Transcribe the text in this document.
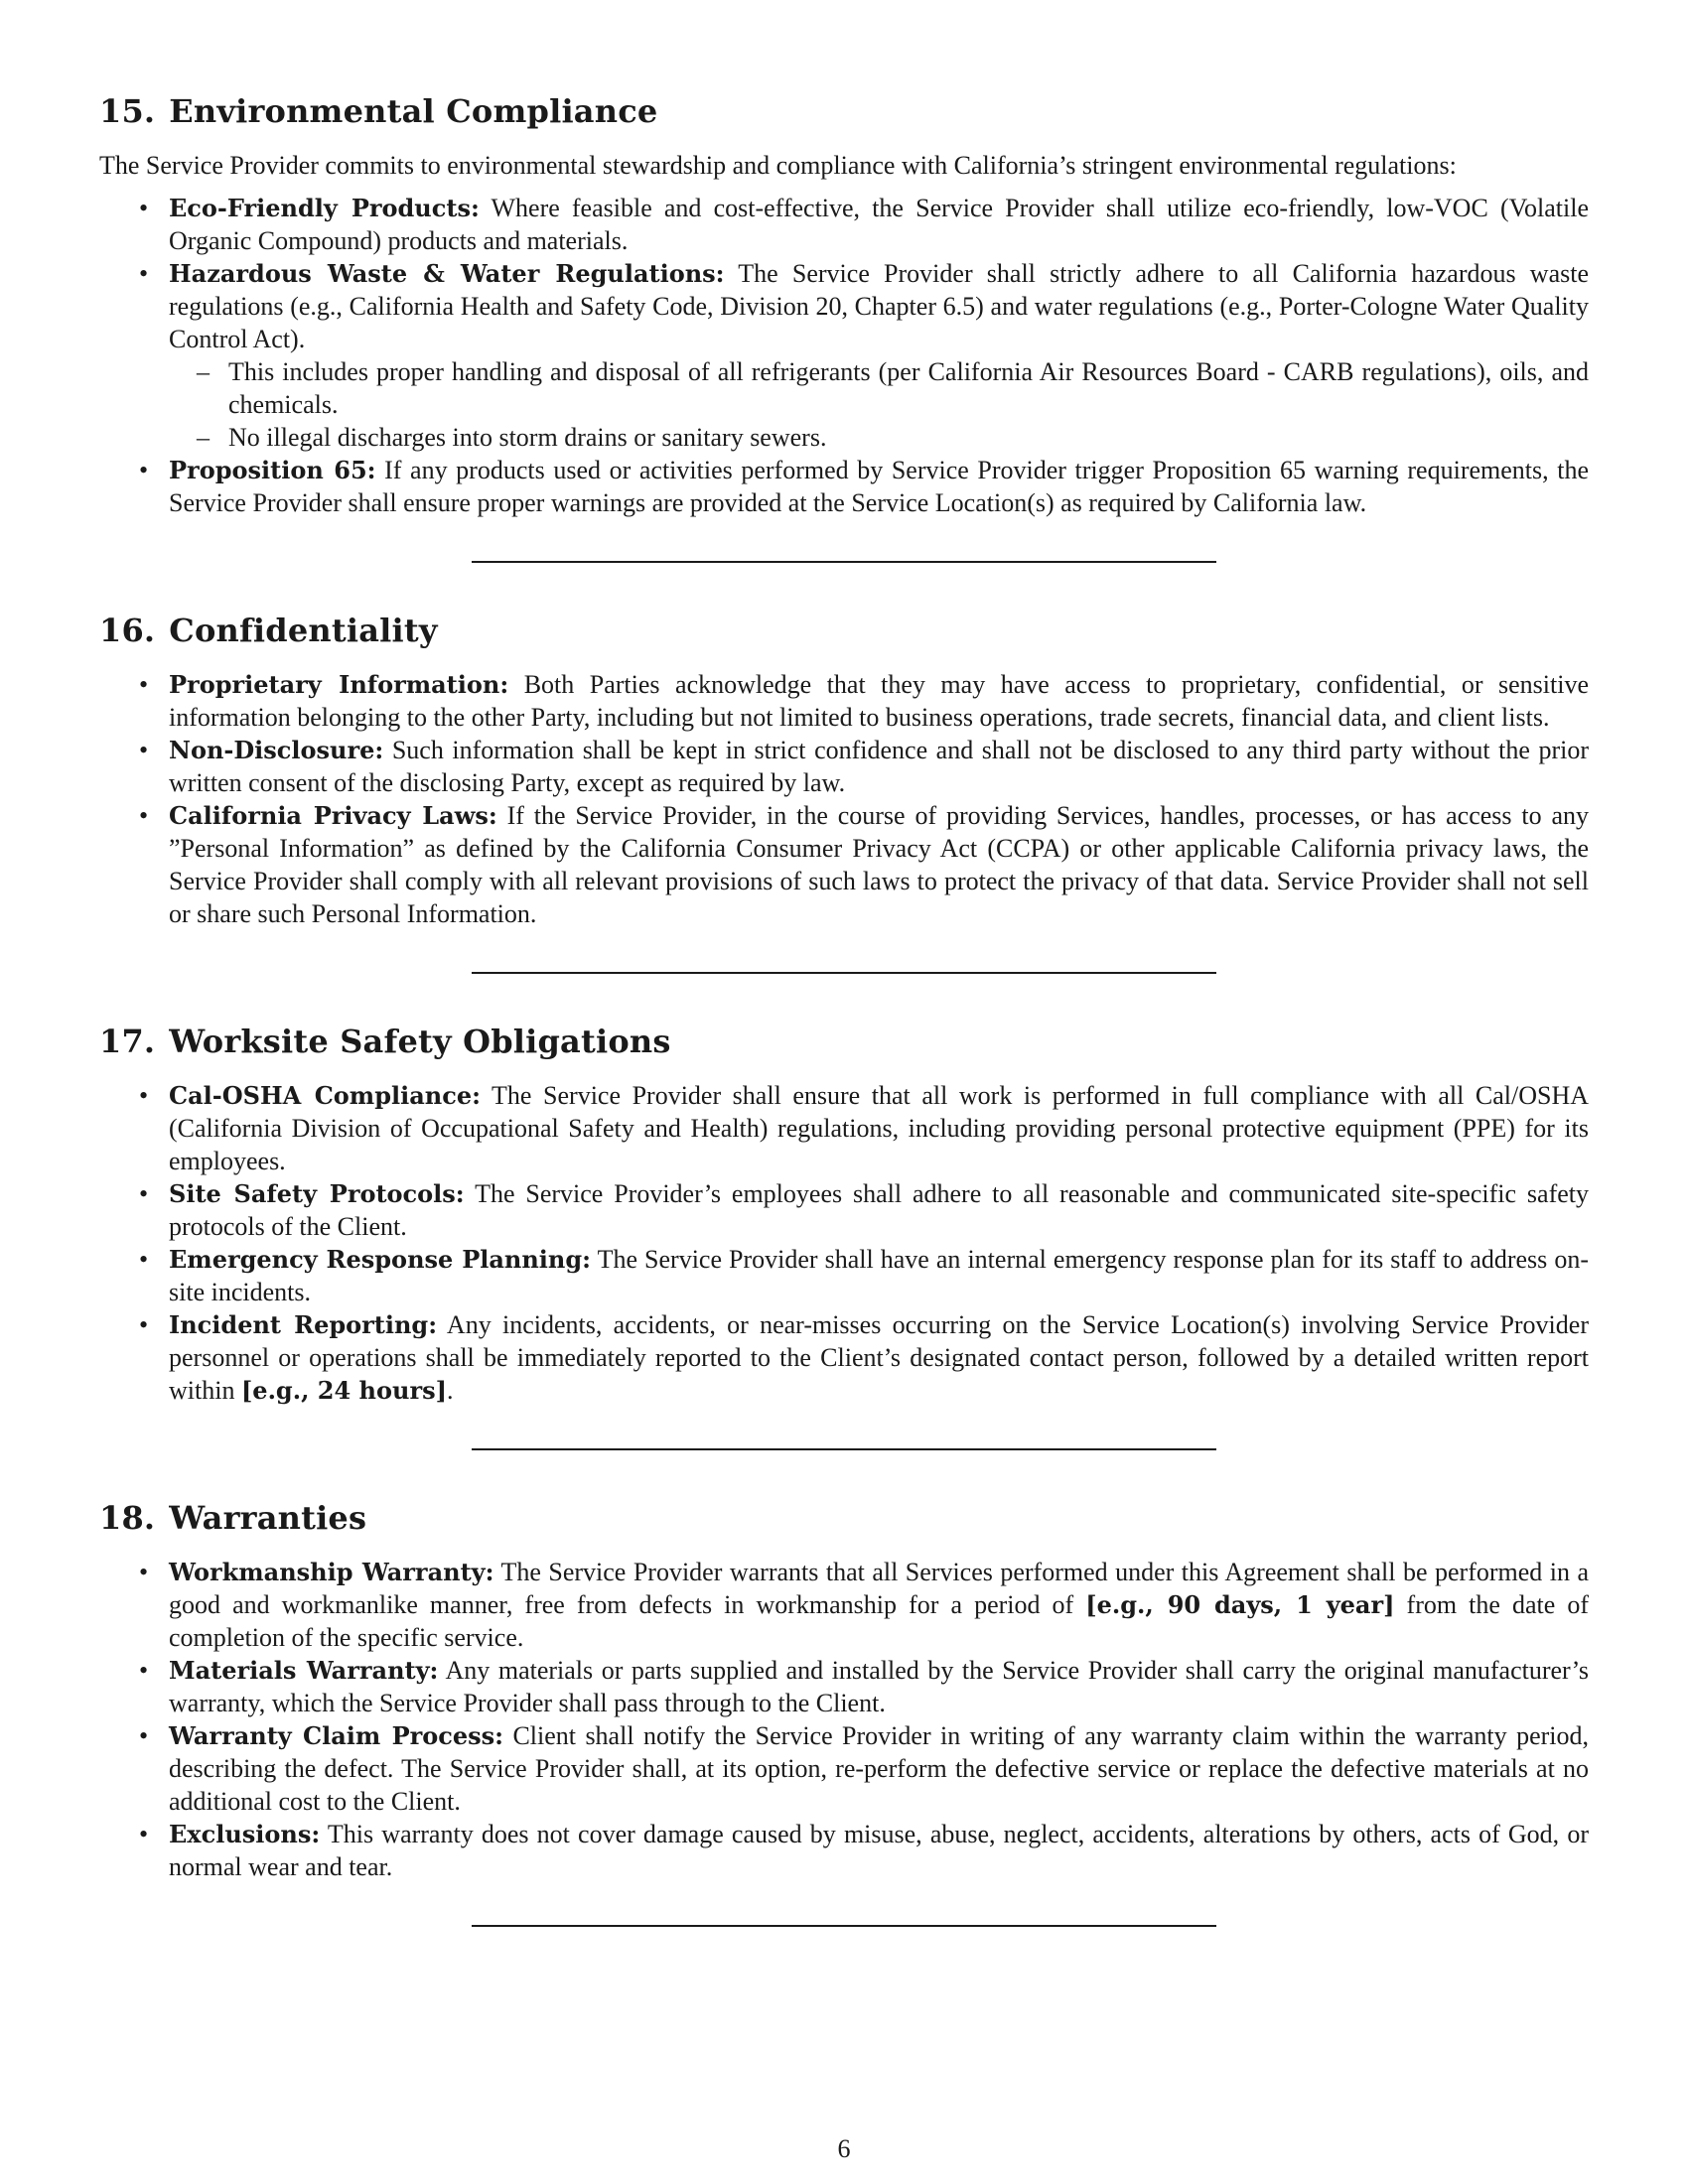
15. Environmental Compliance

The Service Provider commits to environmental stewardship and compliance with California’s stringent environmental regulations:

• Eco-Friendly Products: Where feasible and cost-effective, the Service Provider shall utilize eco-friendly, low-VOC (Volatile Organic Compound) products and materials.
• Hazardous Waste & Water Regulations: The Service Provider shall strictly adhere to all California hazardous waste regulations (e.g., California Health and Safety Code, Division 20, Chapter 6.5) and water regulations (e.g., Porter-Cologne Water Quality Control Act).
– This includes proper handling and disposal of all refrigerants (per California Air Resources Board - CARB regulations), oils, and chemicals.
– No illegal discharges into storm drains or sanitary sewers.
• Proposition 65: If any products used or activities performed by Service Provider trigger Proposition 65 warning requirements, the Service Provider shall ensure proper warnings are provided at the Service Location(s) as required by California law.
16. Confidentiality
• Proprietary Information: Both Parties acknowledge that they may have access to proprietary, confidential, or sensitive information belonging to the other Party, including but not limited to business operations, trade secrets, financial data, and client lists.
• Non-Disclosure: Such information shall be kept in strict confidence and shall not be disclosed to any third party without the prior written consent of the disclosing Party, except as required by law.
• California Privacy Laws: If the Service Provider, in the course of providing Services, handles, processes, or has access to any ”Personal Information” as defined by the California Consumer Privacy Act (CCPA) or other applicable California privacy laws, the Service Provider shall comply with all relevant provisions of such laws to protect the privacy of that data. Service Provider shall not sell or share such Personal Information.
17. Worksite Safety Obligations
• Cal-OSHA Compliance: The Service Provider shall ensure that all work is performed in full compliance with all Cal/OSHA (California Division of Occupational Safety and Health) regulations, including providing personal protective equipment (PPE) for its employees.
• Site Safety Protocols: The Service Provider’s employees shall adhere to all reasonable and communicated site-specific safety protocols of the Client.
• Emergency Response Planning: The Service Provider shall have an internal emergency response plan for its staff to address on-site incidents.
• Incident Reporting: Any incidents, accidents, or near-misses occurring on the Service Location(s) involving Service Provider personnel or operations shall be immediately reported to the Client’s designated contact person, followed by a detailed written report within [e.g., 24 hours].
18. Warranties
• Workmanship Warranty: The Service Provider warrants that all Services performed under this Agreement shall be performed in a good and workmanlike manner, free from defects in workmanship for a period of [e.g., 90 days, 1 year] from the date of completion of the specific service.
• Materials Warranty: Any materials or parts supplied and installed by the Service Provider shall carry the original manufacturer’s warranty, which the Service Provider shall pass through to the Client.
• Warranty Claim Process: Client shall notify the Service Provider in writing of any warranty claim within the warranty period, describing the defect. The Service Provider shall, at its option, re-perform the defective service or replace the defective materials at no additional cost to the Client.
• Exclusions: This warranty does not cover damage caused by misuse, abuse, neglect, accidents, alterations by others, acts of God, or normal wear and tear.
6
